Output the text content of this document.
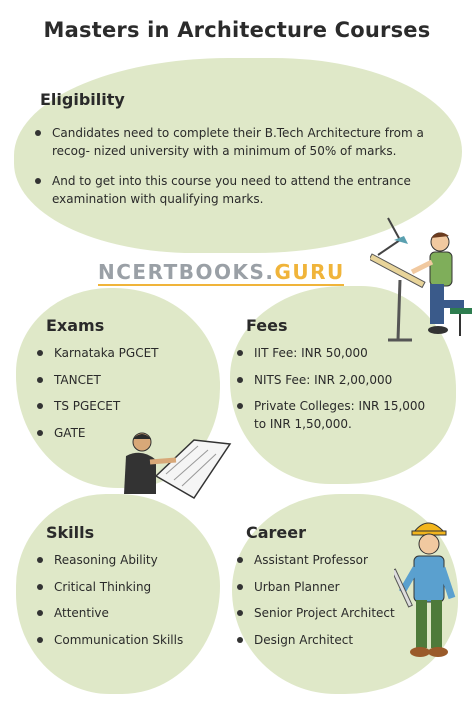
Masters in Architecture Courses
Eligibility
Candidates need to complete their B.Tech Architecture from a recog- nized university with a minimum of 50% of marks.
And to get into this course you need to attend the entrance examination with qualifying marks.
NCERTBOOKS.GURU
Exams
Karnataka PGCET
TANCET
TS PGECET
GATE
Fees
IIT Fee: INR 50,000
NITS Fee: INR 2,00,000
Private Colleges: INR 15,000 to INR 1,50,000.
Skills
Reasoning Ability
Critical Thinking
Attentive
Communication Skills
Career
Assistant Professor
Urban Planner
Senior Project Architect
Design Architect
